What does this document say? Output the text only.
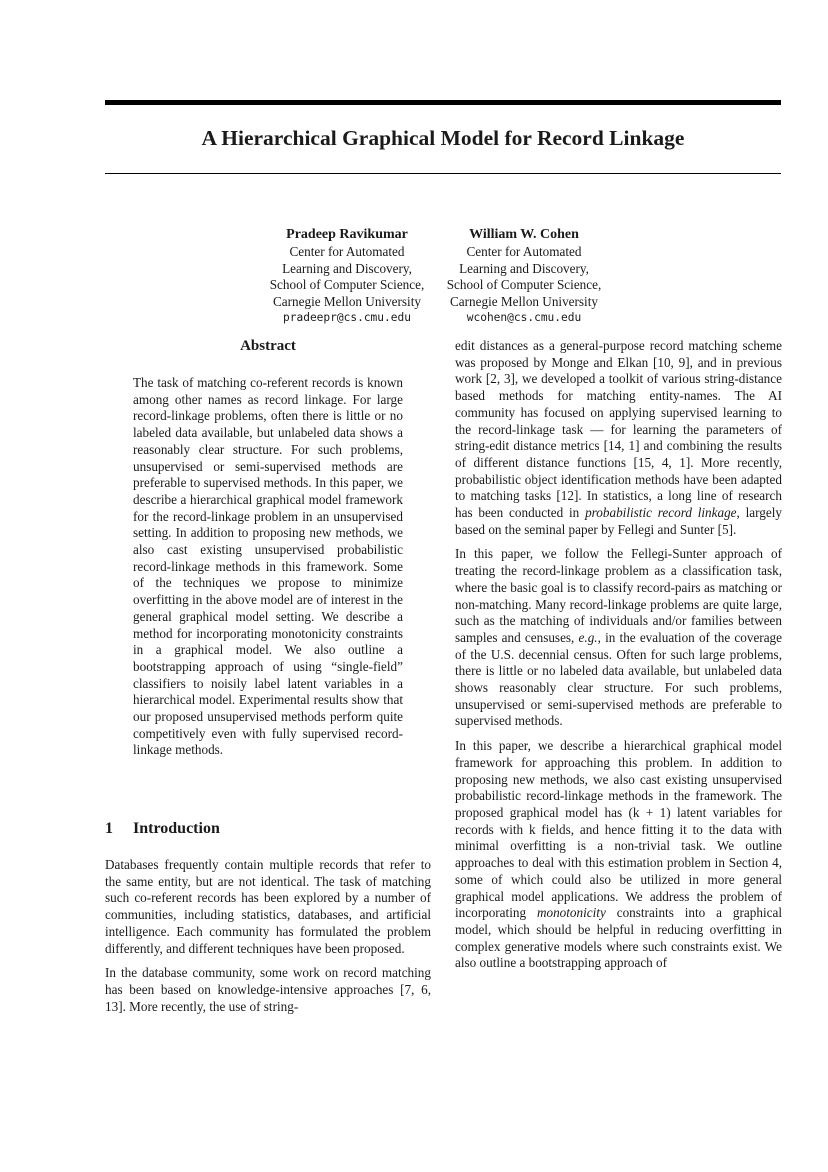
A Hierarchical Graphical Model for Record Linkage
Pradeep Ravikumar
Center for Automated
Learning and Discovery,
School of Computer Science,
Carnegie Mellon University
pradeepr@cs.cmu.edu
William W. Cohen
Center for Automated
Learning and Discovery,
School of Computer Science,
Carnegie Mellon University
wcohen@cs.cmu.edu
Abstract

The task of matching co-referent records is known among other names as record linkage. For large record-linkage problems, often there is little or no labeled data available, but unlabeled data shows a reasonably clear structure. For such problems, unsupervised or semi-supervised methods are preferable to supervised methods. In this paper, we describe a hierarchical graphical model framework for the record-linkage problem in an unsupervised setting. In addition to proposing new methods, we also cast existing unsupervised probabilistic record-linkage methods in this framework. Some of the techniques we propose to minimize overfitting in the above model are of interest in the general graphical model setting. We describe a method for incorporating monotonicity constraints in a graphical model. We also outline a bootstrapping approach of using “single-field” classifiers to noisily label latent variables in a hierarchical model. Experimental results show that our proposed unsupervised methods perform quite competitively even with fully supervised record-linkage methods.

1 Introduction

Databases frequently contain multiple records that refer to the same entity, but are not identical. The task of matching such co-referent records has been explored by a number of communities, including statistics, databases, and artificial intelligence. Each community has formulated the problem differently, and different techniques have been proposed.

In the database community, some work on record matching has been based on knowledge-intensive approaches [7, 6, 13]. More recently, the use of string-

edit distances as a general-purpose record matching scheme was proposed by Monge and Elkan [10, 9], and in previous work [2, 3], we developed a toolkit of various string-distance based methods for matching entity-names. The AI community has focused on applying supervised learning to the record-linkage task — for learning the parameters of string-edit distance metrics [14, 1] and combining the results of different distance functions [15, 4, 1]. More recently, probabilistic object identification methods have been adapted to matching tasks [12]. In statistics, a long line of research has been conducted in probabilistic record linkage, largely based on the seminal paper by Fellegi and Sunter [5].

In this paper, we follow the Fellegi-Sunter approach of treating the record-linkage problem as a classification task, where the basic goal is to classify record-pairs as matching or non-matching. Many record-linkage problems are quite large, such as the matching of individuals and/or families between samples and censuses, e.g., in the evaluation of the coverage of the U.S. decennial census. Often for such large problems, there is little or no labeled data available, but unlabeled data shows reasonably clear structure. For such problems, unsupervised or semi-supervised methods are preferable to supervised methods.

In this paper, we describe a hierarchical graphical model framework for approaching this problem. In addition to proposing new methods, we also cast existing unsupervised probabilistic record-linkage methods in the framework. The proposed graphical model has (k + 1) latent variables for records with k fields, and hence fitting it to the data with minimal overfitting is a non-trivial task. We outline approaches to deal with this estimation problem in Section 4, some of which could also be utilized in more general graphical model applications. We address the problem of incorporating monotonicity constraints into a graphical model, which should be helpful in reducing overfitting in complex generative models where such constraints exist. We also outline a bootstrapping approach of
